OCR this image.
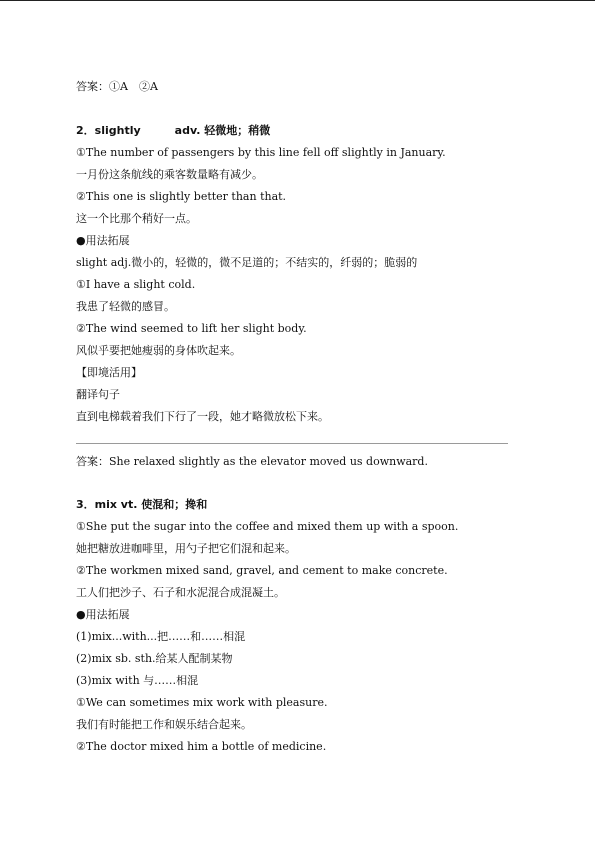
答案：①A　②A
2．slightly	adv. 轻微地；稍微
①The number of passengers by this line fell off slightly in January.
一月份这条航线的乘客数量略有减少。
②This one is slightly better than that.
这一个比那个稍好一点。
●用法拓展
slight adj.微小的，轻微的，微不足道的；不结实的，纤弱的；脆弱的
①I have a slight cold.
我患了轻微的感冒。
②The wind seemed to lift her slight body.
风似乎要把她瘦弱的身体吹起来。
【即境活用】
翻译句子
直到电梯载着我们下行了一段，她才略微放松下来。
答案：She relaxed slightly as the elevator moved us downward.
3．mix vt. 使混和；搀和
①She put the sugar into the coffee and mixed them up with a spoon.
她把糖放进咖啡里，用勺子把它们混和起来。
②The workmen mixed sand, gravel, and cement to make concrete.
工人们把沙子、石子和水泥混合成混凝土。
●用法拓展
(1)mix...with...把……和……相混
(2)mix sb. sth.给某人配制某物
(3)mix with 与……相混
①We can sometimes mix work with pleasure.
我们有时能把工作和娱乐结合起来。
②The doctor mixed him a bottle of medicine.
